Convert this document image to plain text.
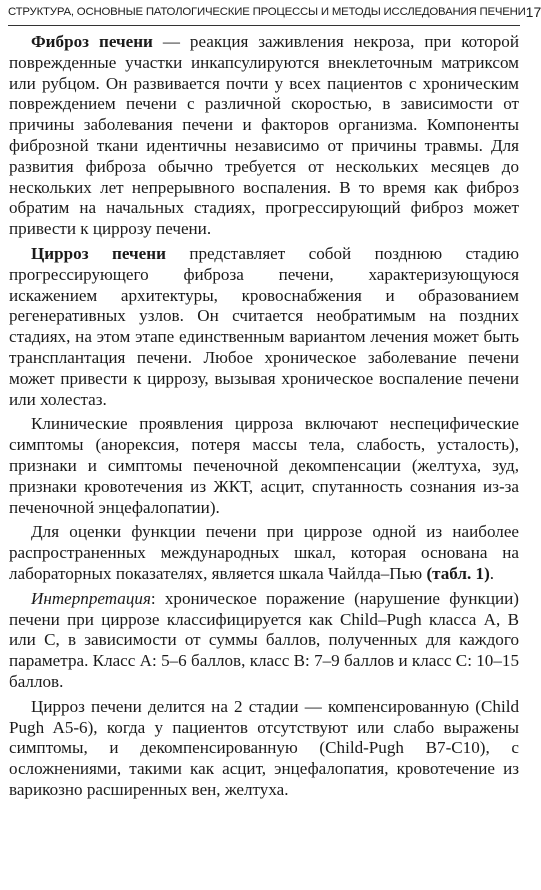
СТРУКТУРА, ОСНОВНЫЕ ПАТОЛОГИЧЕСКИЕ ПРОЦЕССЫ И МЕТОДЫ ИССЛЕДОВАНИЯ ПЕЧЕНИ 17

Фиброз печени — реакция заживления некроза, при которой поврежденные участки инкапсулируются внеклеточным матриксом или рубцом. Он развивается почти у всех пациентов с хроническим повреждением печени с различной скоростью, в зависимости от причины заболевания печени и факторов организма. Компоненты фиброзной ткани идентичны независимо от причины травмы. Для развития фиброза обычно требуется от нескольких месяцев до нескольких лет непрерывного воспаления. В то время как фиброз обратим на начальных стадиях, прогрессирующий фиброз может привести к циррозу печени.

Цирроз печени представляет собой позднюю стадию прогрессирующего фиброза печени, характеризующуюся искажением архитектуры, кровоснабжения и образованием регенеративных узлов. Он считается необратимым на поздних стадиях, на этом этапе единственным вариантом лечения может быть трансплантация печени. Любое хроническое заболевание печени может привести к циррозу, вызывая хроническое воспаление печени или холестаз.

Клинические проявления цирроза включают неспецифические симптомы (анорексия, потеря массы тела, слабость, усталость), признаки и симптомы печеночной декомпенсации (желтуха, зуд, признаки кровотечения из ЖКТ, асцит, спутанность сознания из-за печеночной энцефалопатии).

Для оценки функции печени при циррозе одной из наиболее распространенных международных шкал, которая основана на лабораторных показателях, является шкала Чайлда–Пью (табл. 1).

Интерпретация: хроническое поражение (нарушение функции) печени при циррозе классифицируется как Child–Pugh класса A, B или C, в зависимости от суммы баллов, полученных для каждого параметра. Класс A: 5–6 баллов, класс B: 7–9 баллов и класс C: 10–15 баллов.

Цирроз печени делится на 2 стадии — компенсированную (Child Pugh A5-6), когда у пациентов отсутствуют или слабо выражены симптомы, и декомпенсированную (Child-Pugh B7-C10), с осложнениями, такими как асцит, энцефалопатия, кровотечение из варикозно расширенных вен, желтуха.
